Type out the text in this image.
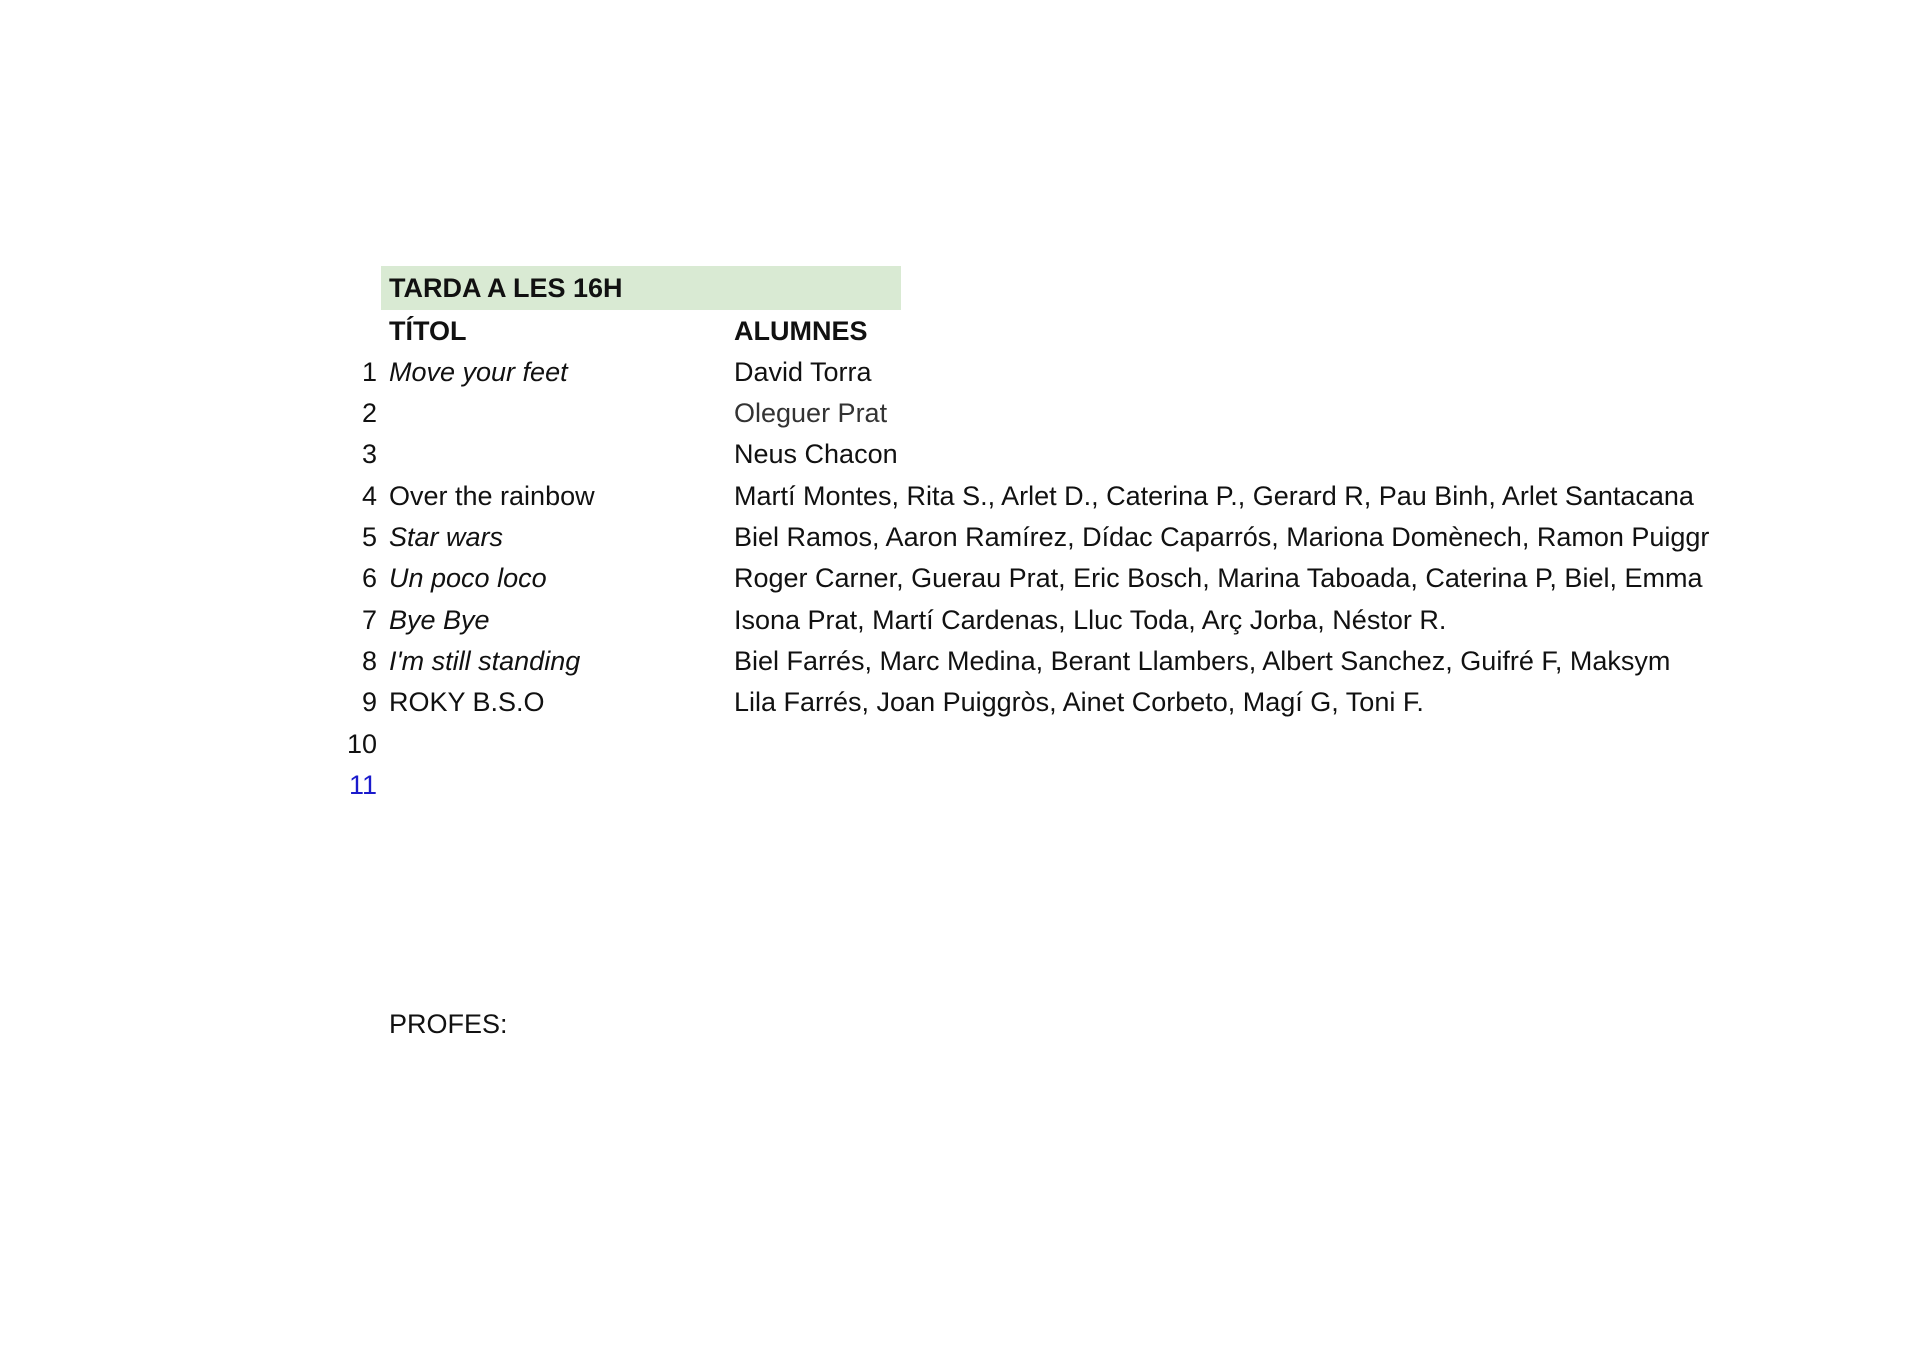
TARDA A LES 16H
TÍTOL	ALUMNES
1 Move your feet	David Torra
2	Oleguer Prat
3	Neus Chacon
4 Over the rainbow	Martí Montes, Rita S., Arlet D., Caterina P., Gerard R, Pau Binh, Arlet Santacana
5 Star wars	Biel Ramos, Aaron Ramírez, Dídac Caparrós, Mariona Domènech, Ramon Puiggr
6 Un poco loco	Roger Carner, Guerau Prat, Eric Bosch, Marina Taboada, Caterina P, Biel, Emma
7 Bye Bye	Isona Prat, Martí Cardenas, Lluc Toda, Arç Jorba, Néstor R.
8 I'm still standing	Biel Farrés, Marc Medina, Berant Llambers, Albert Sanchez, Guifré F, Maksym
9 ROKY B.S.O	Lila Farrés, Joan Puiggròs, Ainet Corbeto, Magí G, Toni F.
10
11
PROFES:
